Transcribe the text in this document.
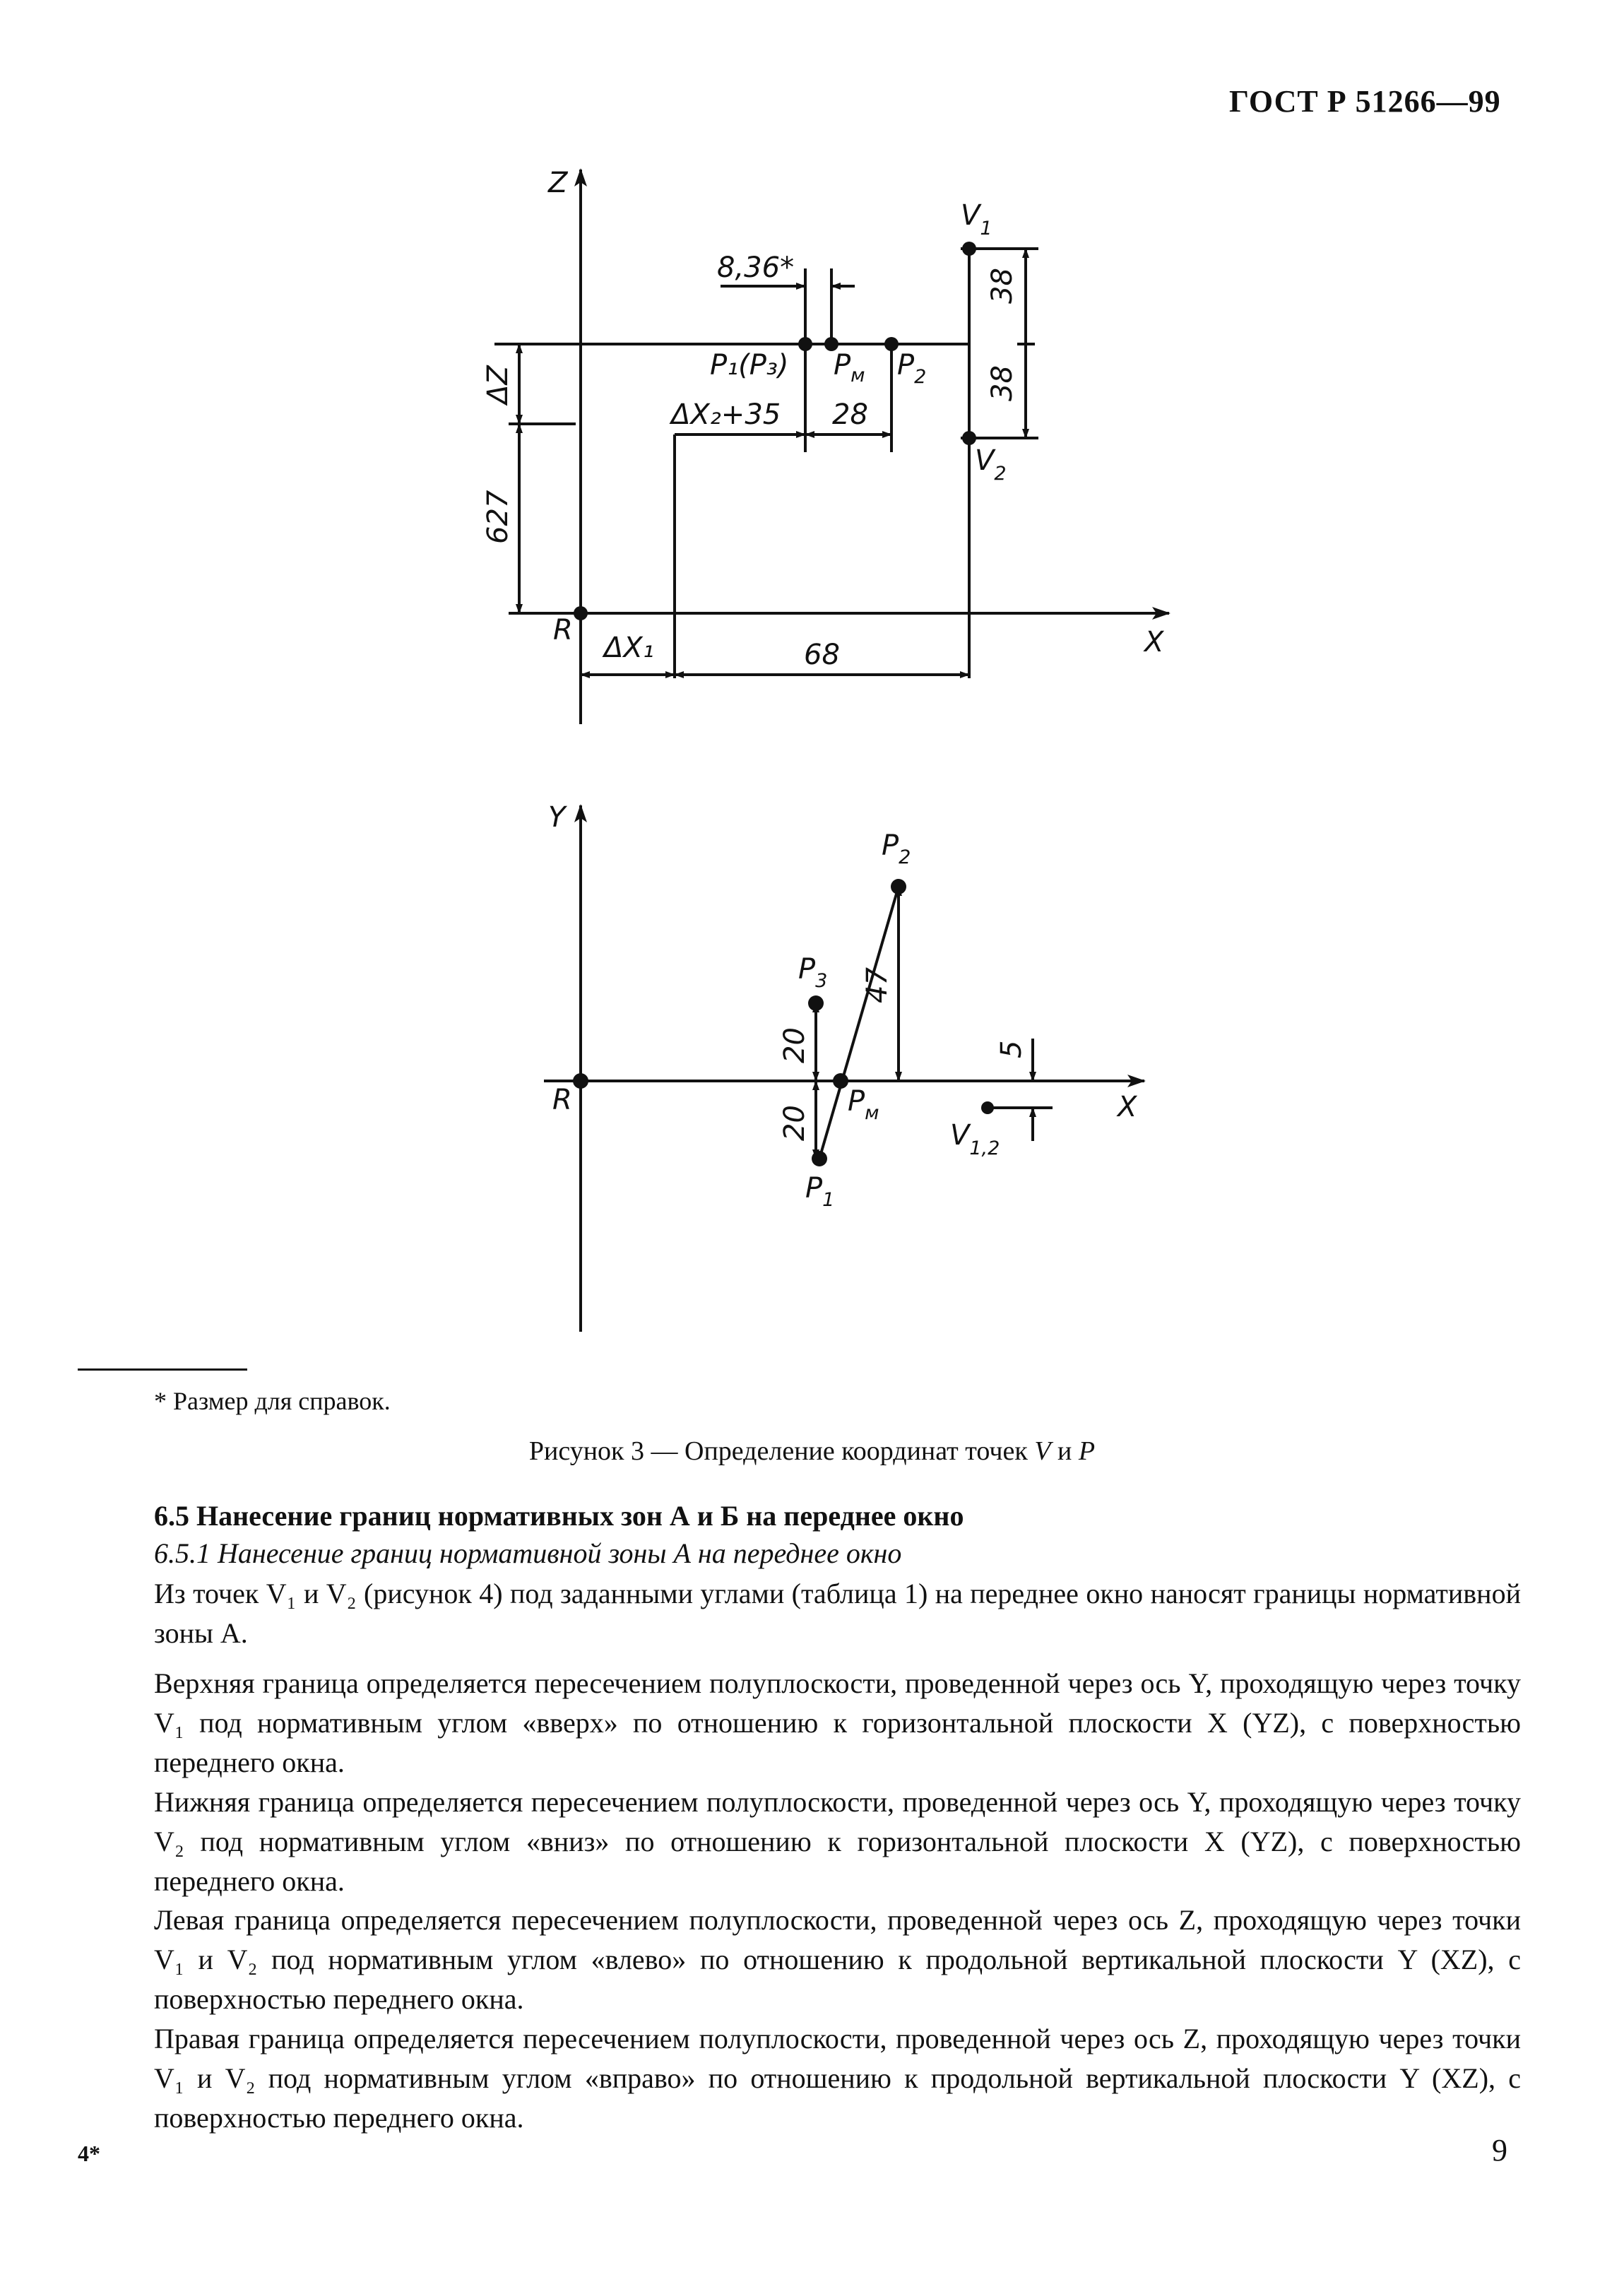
ГОСТ Р 51266—99
Z
X
R
$V_1$
$V_2$
P₁(P₃) $P_м$ $P_2$
8,36*
38
38
ΔX₂+35 28
ΔZ
627
ΔX₁	68
Y
X
R
$P_2$
$P_3$
$P_1$
$P_м$
$V_{1,2}$
20
20
47
5
* Размер для справок.
Рисунок 3 — Определение координат точек V и P
6.5 Нанесение границ нормативных зон А и Б на переднее окно
6.5.1 Нанесение границ нормативной зоны А на переднее окно
Из точек V₁ и V₂ (рисунок 4) под заданными углами (таблица 1) на переднее окно наносят границы нормативной зоны А.
Верхняя граница определяется пересечением полуплоскости, проведенной через ось Y, проходящую через точку V₁ под нормативным углом «вверх» по отношению к горизонтальной плоскости X (YZ), с поверхностью переднего окна.
Нижняя граница определяется пересечением полуплоскости, проведенной через ось Y, проходящую через точку V₂ под нормативным углом «вниз» по отношению к горизонтальной плоскости X (YZ), с поверхностью переднего окна.
Левая граница определяется пересечением полуплоскости, проведенной через ось Z, проходящую через точки V₁ и V₂ под нормативным углом «влево» по отношению к продольной вертикальной плоскости Y (XZ), с поверхностью переднего окна.
Правая граница определяется пересечением полуплоскости, проведенной через ось Z, проходящую через точки V₁ и V₂ под нормативным углом «вправо» по отношению к продольной вертикальной плоскости Y (XZ), с поверхностью переднего окна.
4*	9
